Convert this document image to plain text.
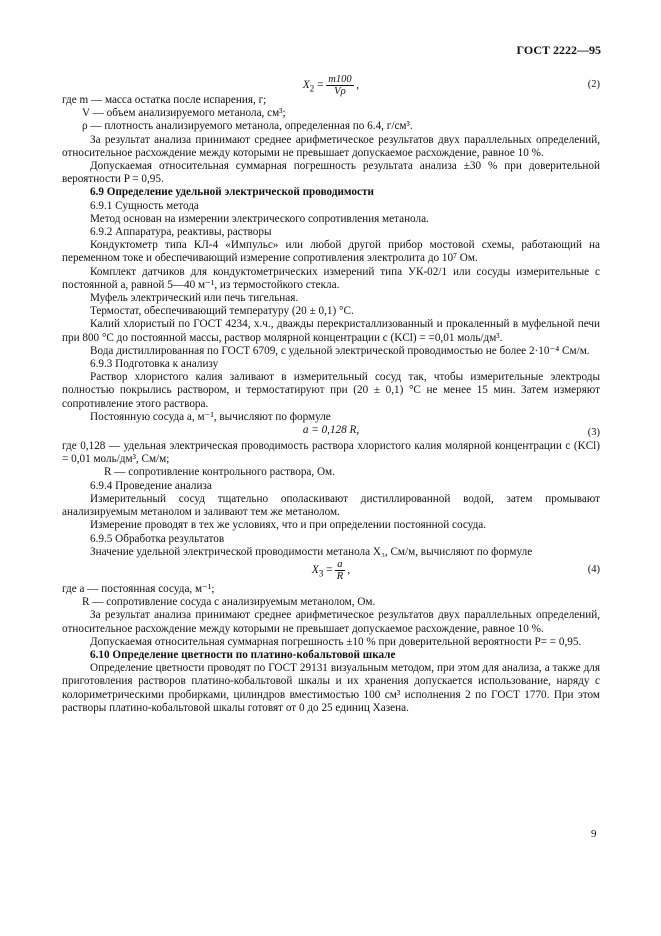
ГОСТ 2222—95
$X_2 = \frac{m100}{V\rho}$ ,	(2)

где m — масса остатка после испарения, г;

V — объем анализируемого метанола, см³;

ρ — плотность анализируемого метанола, определенная по 6.4, г/см³.

За результат анализа принимают среднее арифметическое результатов двух параллельных определений, относительное расхождение между которыми не превышает допускаемое расхождение, равное 10 %.

Допускаемая относительная суммарная погрешность результата анализа ±30 % при доверительной вероятности P = 0,95.

6.9 Определение удельной электрической проводимости

6.9.1 Сущность метода

Метод основан на измерении электрического сопротивления метанола.

6.9.2 Аппаратура, реактивы, растворы

Кондуктометр типа КЛ-4 «Импульс» или любой другой прибор мостовой схемы, работающий на переменном токе и обеспечивающий измерение сопротивления электролита до 10⁷ Ом.

Комплект датчиков для кондуктометрических измерений типа УК-02/1 или сосуды измерительные с постоянной a, равной 5—40 м⁻¹, из термостойкого стекла.

Муфель электрический или печь тигельная.

Термостат, обеспечивающий температуру (20 ± 0,1) °С.

Калий хлористый по ГОСТ 4234, х.ч., дважды перекристаллизованный и прокаленный в муфельной печи при 800 °С до постоянной массы, раствор молярной концентрации c (KCl) = =0,01 моль/дм³.

Вода дистиллированная по ГОСТ 6709, с удельной электрической проводимостью не более 2·10⁻⁴ См/м.

6.9.3 Подготовка к анализу

Раствор хлористого калия заливают в измерительный сосуд так, чтобы измерительные электроды полностью покрылись раствором, и термостатируют при (20 ± 0,1) °С не менее 15 мин. Затем измеряют сопротивление этого раствора.

Постоянную сосуда a, м⁻¹, вычисляют по формуле

a = 0,128 R,	(3)

где 0,128 — удельная электрическая проводимость раствора хлористого калия молярной концентрации c (KCl) = 0,01 моль/дм³, См/м;

R — сопротивление контрольного раствора, Ом.

6.9.4 Проведение анализа

Измерительный сосуд тщательно ополаскивают дистиллированной водой, затем промывают анализируемым метанолом и заливают тем же метанолом.

Измерение проводят в тех же условиях, что и при определении постоянной сосуда.

6.9.5 Обработка результатов

Значение удельной электрической проводимости метанола X₃, См/м, вычисляют по формуле

$X_3 = \frac{a}{R}$ ,	(4)

где a — постоянная сосуда, м⁻¹;

R — сопротивление сосуда с анализируемым метанолом, Ом.

За результат анализа принимают среднее арифметическое результатов двух параллельных определений, относительное расхождение между которыми не превышает допускаемое расхождение, равное 10 %.

Допускаемая относительная суммарная погрешность ±10 % при доверительной вероятности P= = 0,95.

6.10 Определение цветности по платино-кобальтовой шкале

Определение цветности проводят по ГОСТ 29131 визуальным методом, при этом для анализа, а также для приготовления растворов платино-кобальтовой шкалы и их хранения допускается использование, наряду с колориметрическими пробирками, цилиндров вместимостью 100 см³ исполнения 2 по ГОСТ 1770. При этом растворы платино-кобальтовой шкалы готовят от 0 до 25 единиц Хазена.

9
